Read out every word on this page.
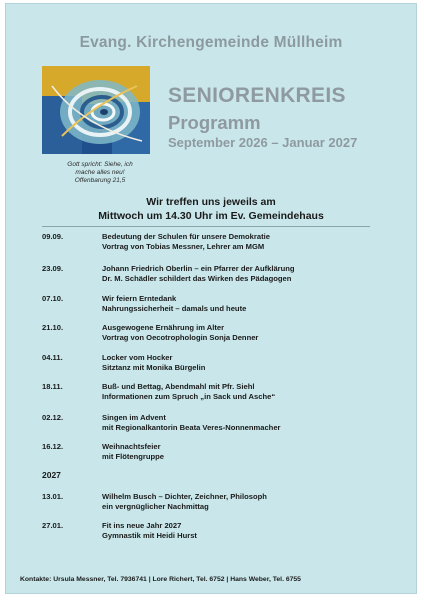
Evang. Kirchengemeinde Müllheim
Gott spricht: Siehe, ich
mache alles neu!
Offenbarung 21,5
SENIORENKREIS
Programm
September 2026 – Januar 2027
Wir treffen uns jeweils am
Mittwoch um 14.30 Uhr im Ev. Gemeindehaus
09.09.	Bedeutung der Schulen für unsere Demokratie
Vortrag von Tobias Messner, Lehrer am MGM
23.09.	Johann Friedrich Oberlin – ein Pfarrer der Aufklärung
Dr. M. Schädler schildert das Wirken des Pädagogen
07.10.	Wir feiern Erntedank
Nahrungssicherheit – damals und heute
21.10.	Ausgewogene Ernährung im Alter
Vortrag von Oecotrophologin Sonja Denner
04.11.	Locker vom Hocker
Sitztanz mit Monika Bürgelin
18.11.	Buß- und Bettag, Abendmahl mit Pfr. Siehl
Informationen zum Spruch „in Sack und Asche“
02.12.	Singen im Advent
mit Regionalkantorin Beata Veres-Nonnenmacher
16.12.	Weihnachtsfeier
mit Flötengruppe
2027
13.01.	Wilhelm Busch – Dichter, Zeichner, Philosoph
ein vergnüglicher Nachmittag
27.01.	Fit ins neue Jahr 2027
Gymnastik mit Heidi Hurst
Kontakte: Ursula Messner, Tel. 7936741 | Lore Richert, Tel. 6752 | Hans Weber, Tel. 6755
